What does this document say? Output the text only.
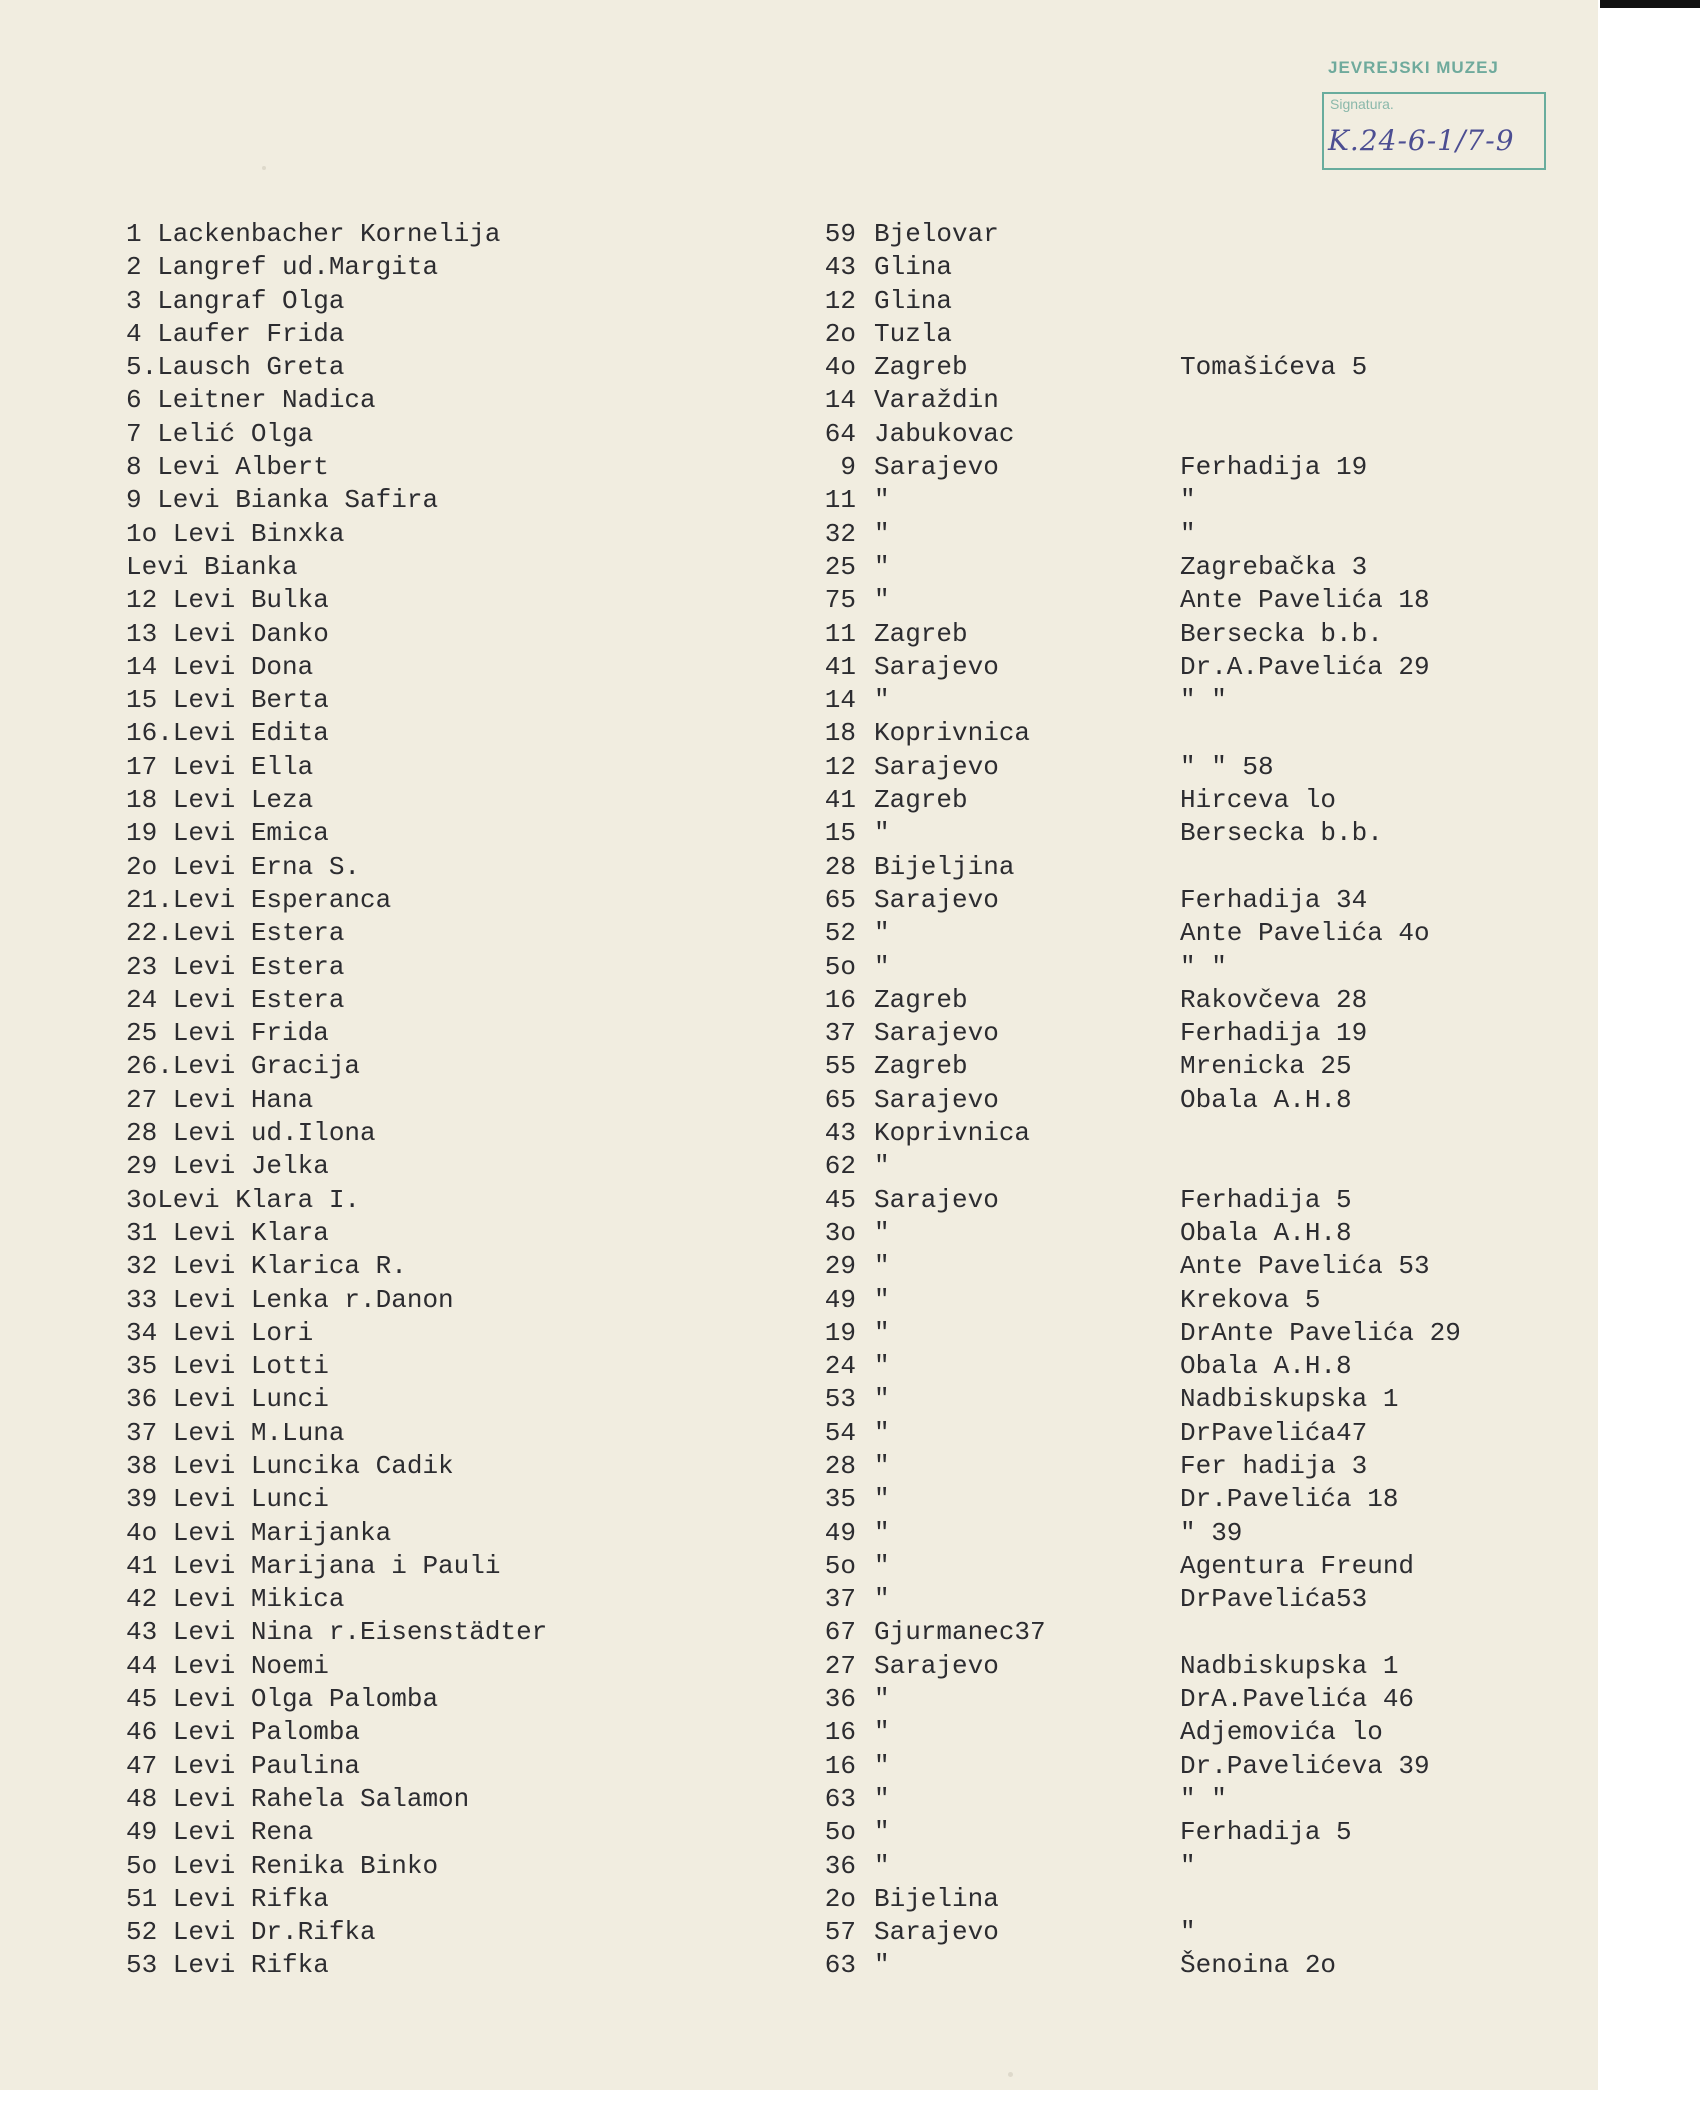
JEVREJSKI MUZEJ
Signatura.
K.24-6-1/7-9
1 Lackenbacher Kornelija	59 Bjelovar
2 Langref ud.Margita	43 Glina
3 Langraf Olga	12 Glina
4 Laufer Frida	2o Tuzla
5.Lausch Greta	4o Zagreb	Tomašićeva 5
6 Leitner Nadica	14 Varaždin
7 Lelić Olga	64 Jabukovac
8 Levi Albert	9 Sarajevo	Ferhadija 19
9 Levi Bianka Safira	11 "	"
1o Levi Binxka	32 "	"
Levi Bianka	25 "	Zagrebačka 3
12 Levi Bulka	75 "	Ante Pavelića 18
13 Levi Danko	11 Zagreb	Bersecka b.b.
14 Levi Dona	41 Sarajevo	Dr.A.Pavelića 29
15 Levi Berta	14 "	" "
16.Levi Edita	18 Koprivnica
17 Levi Ella	12 Sarajevo	" " 58
18 Levi Leza	41 Zagreb	Hirceva lo
19 Levi Emica	15 "	Bersecka b.b.
2o Levi Erna S.	28 Bijeljina
21.Levi Esperanca	65 Sarajevo	Ferhadija 34
22.Levi Estera	52 "	Ante Pavelića 4o
23 Levi Estera	5o "	" "
24 Levi Estera	16 Zagreb	Rakovčeva 28
25 Levi Frida	37 Sarajevo	Ferhadija 19
26.Levi Gracija	55 Zagreb	Mrenicka 25
27 Levi Hana	65 Sarajevo	Obala A.H.8
28 Levi ud.Ilona	43 Koprivnica
29 Levi Jelka	62 "
3oLevi Klara I.	45 Sarajevo	Ferhadija 5
31 Levi Klara	3o "	Obala A.H.8
32 Levi Klarica R.	29 "	Ante Pavelića 53
33 Levi Lenka r.Danon	49 "	Krekova 5
34 Levi Lori	19 "	DrAnte Pavelića 29
35 Levi Lotti	24 "	Obala A.H.8
36 Levi Lunci	53 "	Nadbiskupska 1
37 Levi M.Luna	54 "	DrPavelića47
38 Levi Luncika Cadik	28 "	Fer hadija 3
39 Levi Lunci	35 "	Dr.Pavelića 18
4o Levi Marijanka	49 "	" 39
41 Levi Marijana i Pauli	5o "	Agentura Freund
42 Levi Mikica	37 "	DrPavelića53
43 Levi Nina r.Eisenstädter	67 Gjurmanec37
44 Levi Noemi	27 Sarajevo	Nadbiskupska 1
45 Levi Olga Palomba	36 "	DrA.Pavelića 46
46 Levi Palomba	16 "	Adjemovića lo
47 Levi Paulina	16 "	Dr.Pavelićeva 39
48 Levi Rahela Salamon	63 "	" "
49 Levi Rena	5o "	Ferhadija 5
5o Levi Renika Binko	36 "	"
51 Levi Rifka	2o Bijelina
52 Levi Dr.Rifka	57 Sarajevo	"
53 Levi Rifka	63 "	Šenoina 2o
